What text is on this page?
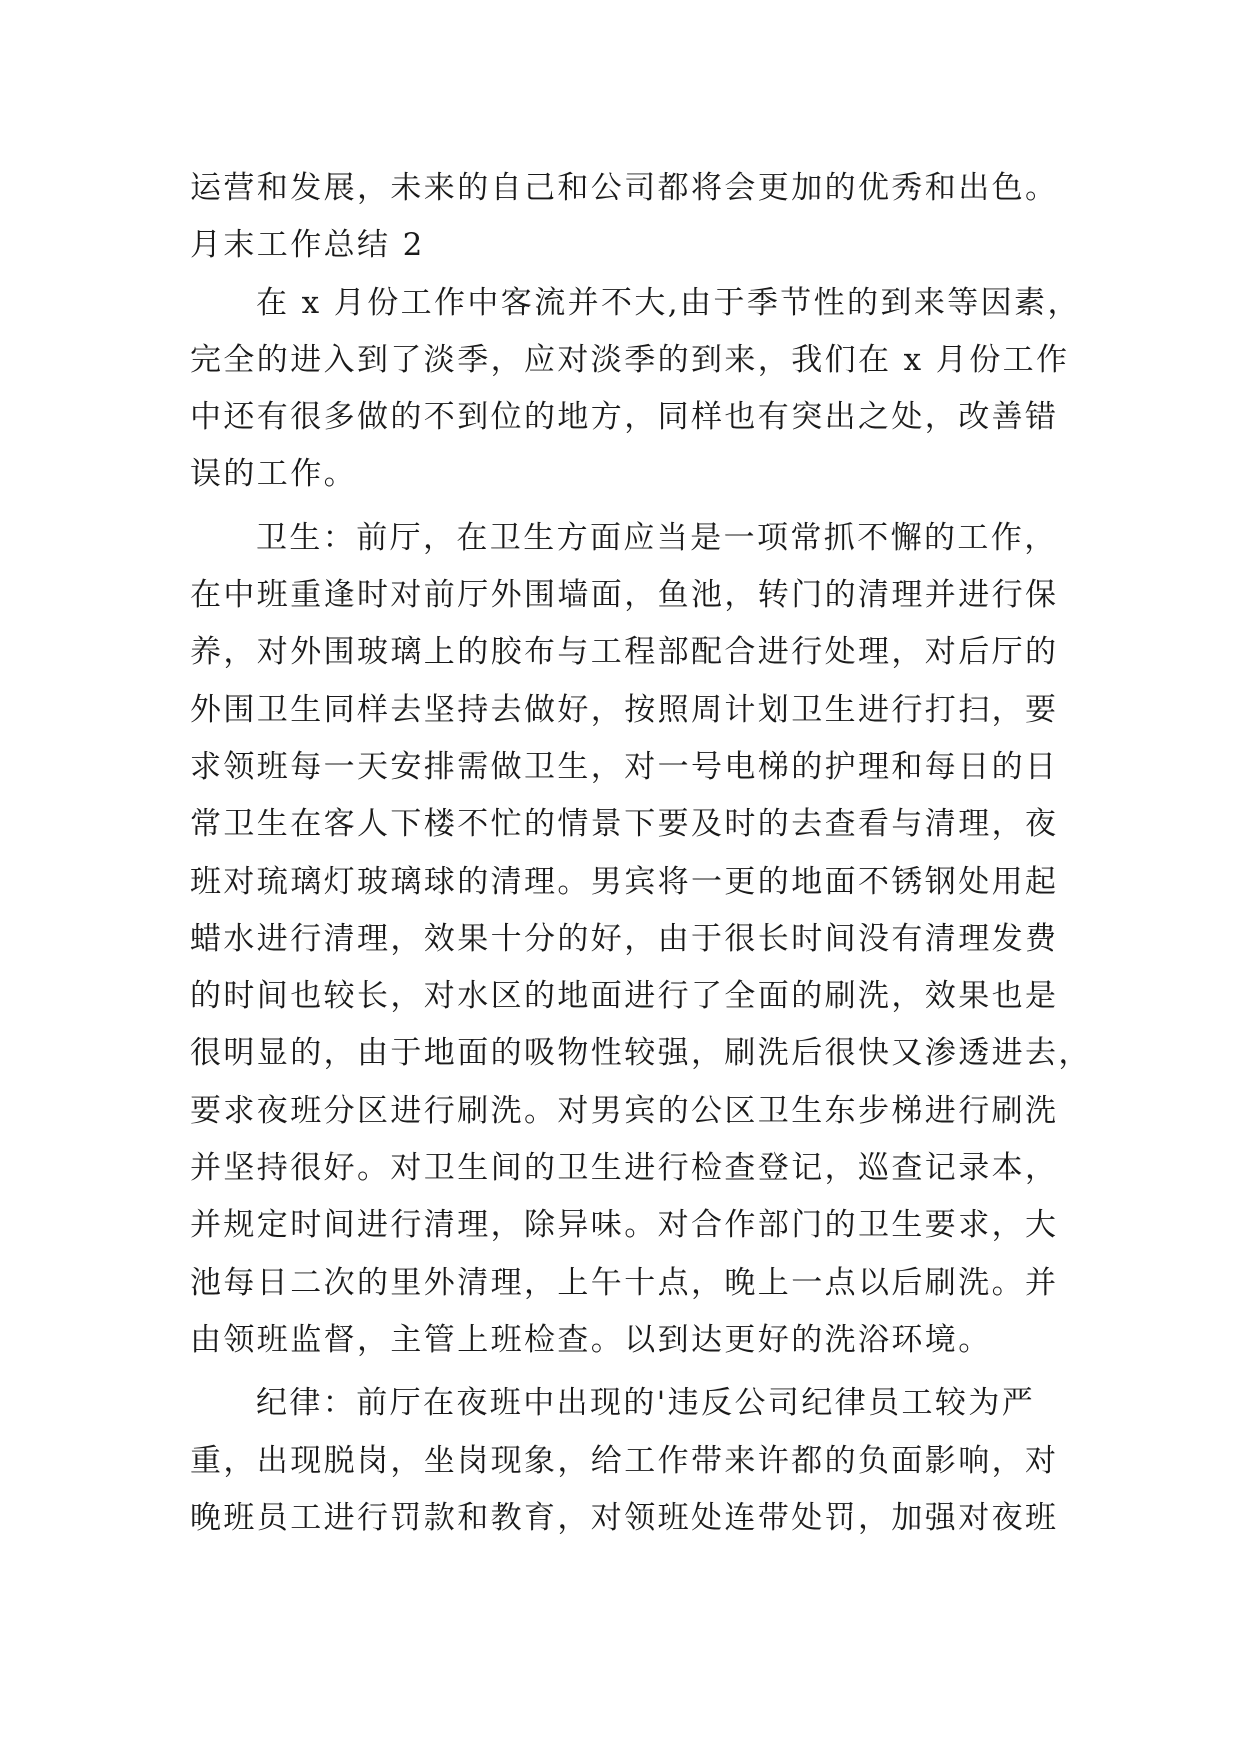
运营和发展，未来的自己和公司都将会更加的优秀和出色。
月末工作总结 2
在 x 月份工作中客流并不大,由于季节性的到来等因素，
完全的进入到了淡季，应对淡季的到来，我们在 x 月份工作
中还有很多做的不到位的地方，同样也有突出之处，改善错
误的工作。
卫生：前厅，在卫生方面应当是一项常抓不懈的工作，
在中班重逢时对前厅外围墙面，鱼池，转门的清理并进行保
养，对外围玻璃上的胶布与工程部配合进行处理，对后厅的
外围卫生同样去坚持去做好，按照周计划卫生进行打扫，要
求领班每一天安排需做卫生，对一号电梯的护理和每日的日
常卫生在客人下楼不忙的情景下要及时的去查看与清理，夜
班对琉璃灯玻璃球的清理。男宾将一更的地面不锈钢处用起
蜡水进行清理，效果十分的好，由于很长时间没有清理发费
的时间也较长，对水区的地面进行了全面的刷洗，效果也是
很明显的，由于地面的吸物性较强，刷洗后很快又渗透进去，
要求夜班分区进行刷洗。对男宾的公区卫生东步梯进行刷洗
并坚持很好。对卫生间的卫生进行检查登记，巡查记录本，
并规定时间进行清理，除异味。对合作部门的卫生要求，大
池每日二次的里外清理，上午十点，晚上一点以后刷洗。并
由领班监督，主管上班检查。以到达更好的洗浴环境。
纪律：前厅在夜班中出现的'违反公司纪律员工较为严
重，出现脱岗，坐岗现象，给工作带来许都的负面影响，对
晚班员工进行罚款和教育，对领班处连带处罚，加强对夜班
